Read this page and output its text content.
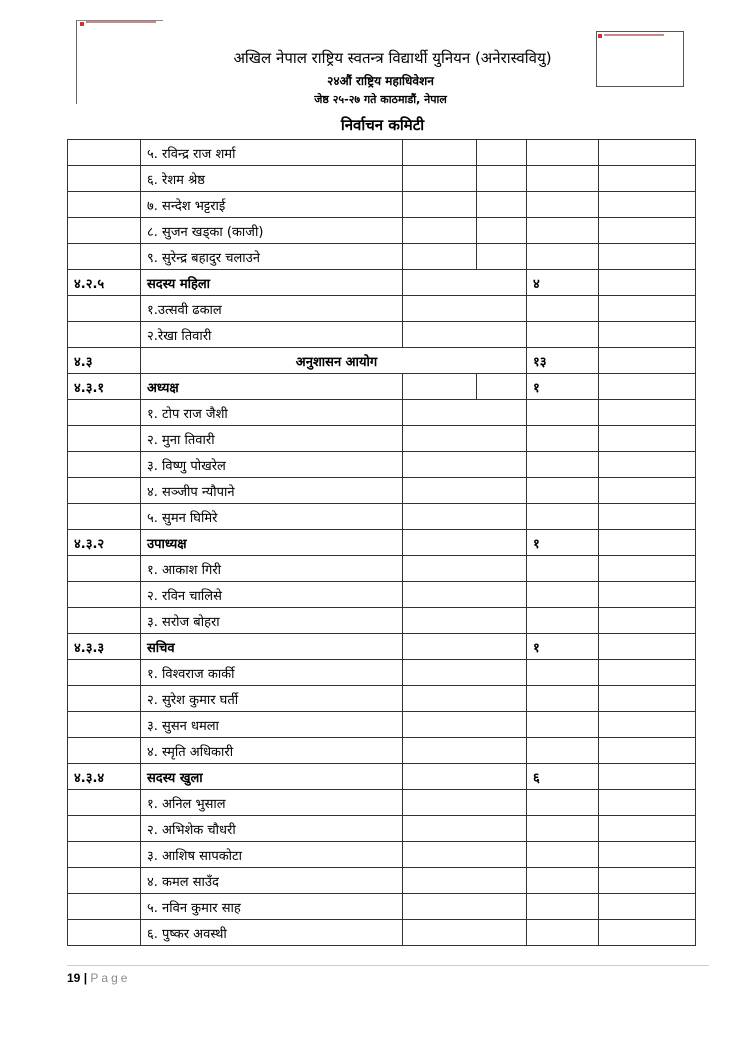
अखिल नेपाल राष्ट्रिय स्वतन्त्र विद्यार्थी युनियन (अनेरास्ववियु)
२४औं राष्ट्रिय महाधिवेशन
जेष्ठ २५-२७ गते काठमाडौं, नेपाल
निर्वाचन कमिटी
	५. रविन्द्र राज शर्मा				
	६. रेशम श्रेष्ठ				
	७. सन्देश भट्टराई				
	८. सुजन खड्का (काजी)				
	९. सुरेन्द्र बहादुर चलाउने				
४.२.५	सदस्य महिला			४	
	१.उत्सवी ढकाल				
	२.रेखा तिवारी				
४.३	अनुशासन आयोग			१३	
४.३.१	अध्यक्ष			१	
	१. टोप राज जैशी				
	२. मुना तिवारी				
	३. विष्णु पोखरेल				
	४. सञ्जीप न्यौपाने				
	५. सुमन घिमिरे				
४.३.२	उपाध्यक्ष			१	
	१. आकाश गिरी				
	२. रविन चालिसे				
	३. सरोज बोहरा				
४.३.३	सचिव			१	
	१. विश्वराज कार्की				
	२. सुरेश कुमार घर्ती				
	३. सुसन धमला				
	४. स्मृति अधिकारी				
४.३.४	सदस्य खुला			६	
	१. अनिल भुसाल				
	२. अभिशेक चौधरी				
	३. आशिष सापकोटा				
	४. कमल साउँद				
	५. नविन कुमार साह				
	६. पुष्कर अवस्थी				
19 | Page
